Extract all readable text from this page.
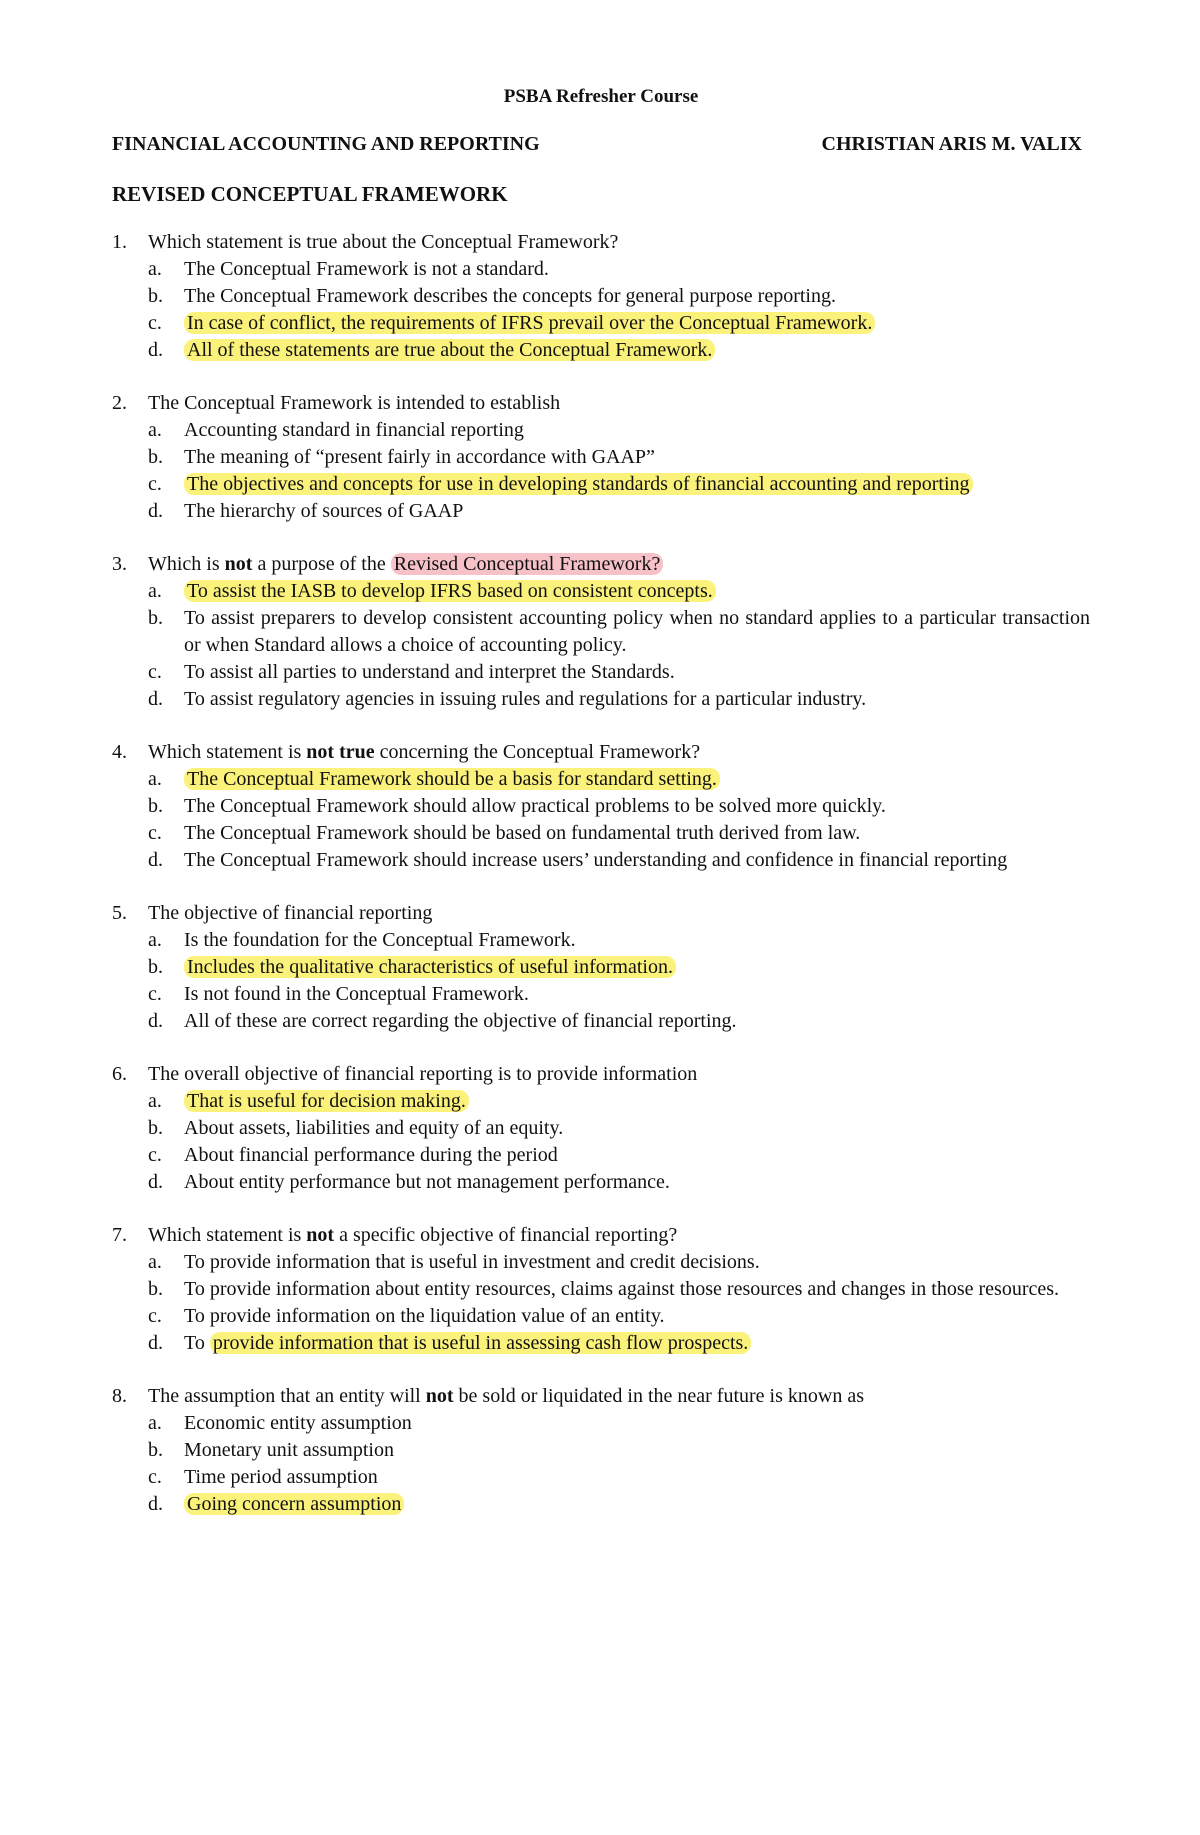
PSBA Refresher Course
FINANCIAL ACCOUNTING AND REPORTING	CHRISTIAN ARIS M. VALIX
REVISED CONCEPTUAL FRAMEWORK
1.	Which statement is true about the Conceptual Framework?
a.	The Conceptual Framework is not a standard.
b.	The Conceptual Framework describes the concepts for general purpose reporting.
c.	In case of conflict, the requirements of IFRS prevail over the Conceptual Framework.
d.	All of these statements are true about the Conceptual Framework.
2.	The Conceptual Framework is intended to establish
a.	Accounting standard in financial reporting
b.	The meaning of “present fairly in accordance with GAAP”
c.	The objectives and concepts for use in developing standards of financial accounting and reporting
d.	The hierarchy of sources of GAAP
3.	Which is not a purpose of the Revised Conceptual Framework?
a.	To assist the IASB to develop IFRS based on consistent concepts.
b.	To assist preparers to develop consistent accounting policy when no standard applies to a particular transaction or when Standard allows a choice of accounting policy.
c.	To assist all parties to understand and interpret the Standards.
d.	To assist regulatory agencies in issuing rules and regulations for a particular industry.
4.	Which statement is not true concerning the Conceptual Framework?
a.	The Conceptual Framework should be a basis for standard setting.
b.	The Conceptual Framework should allow practical problems to be solved more quickly.
c.	The Conceptual Framework should be based on fundamental truth derived from law.
d.	The Conceptual Framework should increase users’ understanding and confidence in financial reporting
5.	The objective of financial reporting
a.	Is the foundation for the Conceptual Framework.
b.	Includes the qualitative characteristics of useful information.
c.	Is not found in the Conceptual Framework.
d.	All of these are correct regarding the objective of financial reporting.
6.	The overall objective of financial reporting is to provide information
a.	That is useful for decision making.
b.	About assets, liabilities and equity of an equity.
c.	About financial performance during the period
d.	About entity performance but not management performance.
7.	Which statement is not a specific objective of financial reporting?
a.	To provide information that is useful in investment and credit decisions.
b.	To provide information about entity resources, claims against those resources and changes in those resources.
c.	To provide information on the liquidation value of an entity.
d.	To provide information that is useful in assessing cash flow prospects.
8.	The assumption that an entity will not be sold or liquidated in the near future is known as
a.	Economic entity assumption
b.	Monetary unit assumption
c.	Time period assumption
d.	Going concern assumption
